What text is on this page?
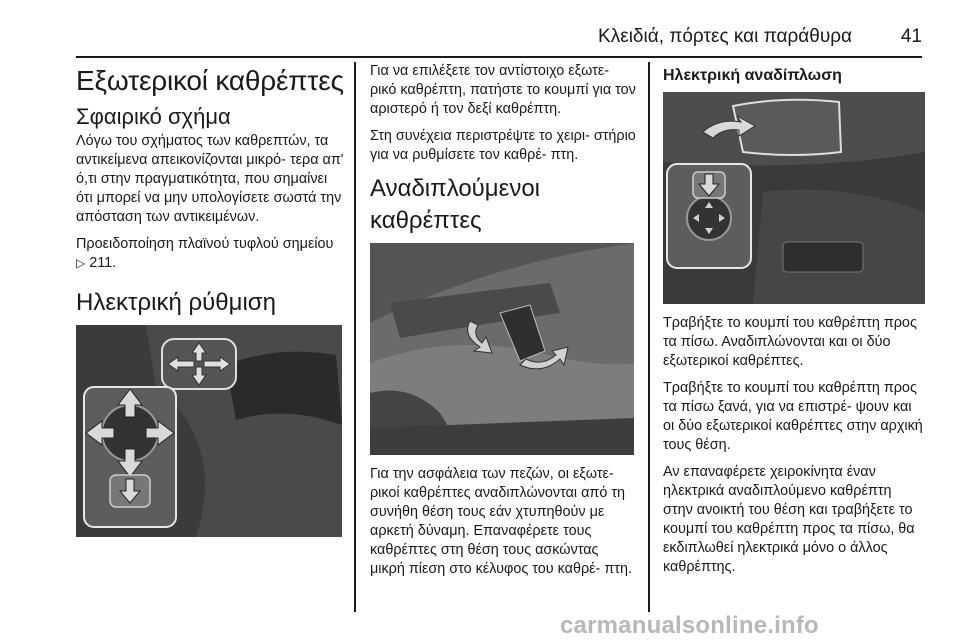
Κλειδιά, πόρτες και παράθυρα	41
Εξωτερικοί καθρέπτες
Σφαιρικό σχήμα

Λόγω του σχήματος των καθρεπτών, τα αντικείμενα απεικονίζονται μικρό‐ τερα απ' ό,τι στην πραγματικότητα, που σημαίνει ότι μπορεί να μην υπολογίσετε σωστά την απόσταση των αντικειμένων.

Προειδοποίηση πλαϊνού τυφλού σημείου ▷ 211.

Ηλεκτρική ρύθμιση

Για να επιλέξετε τον αντίστοιχο εξωτε‐ ρικό καθρέπτη, πατήστε το κουμπί για τον αριστερό ή τον δεξί καθρέπτη.

Στη συνέχεια περιστρέψτε το χειρι‐ στήριο για να ρυθμίσετε τον καθρέ‐ πτη.

Αναδιπλούμενοι καθρέπτες

Για την ασφάλεια των πεζών, οι εξωτε‐ ρικοί καθρέπτες αναδιπλώνονται από τη συνήθη θέση τους εάν χτυπηθούν με αρκετή δύναμη. Επαναφέρετε τους καθρέπτες στη θέση τους ασκώντας μικρή πίεση στο κέλυφος του καθρέ‐ πτη.

Ηλεκτρική αναδίπλωση

Τραβήξτε το κουμπί του καθρέπτη προς τα πίσω. Αναδιπλώνονται και οι δύο εξωτερικοί καθρέπτες.

Τραβήξτε το κουμπί του καθρέπτη προς τα πίσω ξανά, για να επιστρέ‐ ψουν και οι δύο εξωτερικοί καθρέπτες στην αρχική τους θέση.

Αν επαναφέρετε χειροκίνητα έναν ηλεκτρικά αναδιπλούμενο καθρέπτη στην ανοικτή του θέση και τραβήξετε το κουμπί του καθρέπτη προς τα πίσω, θα εκδιπλωθεί ηλεκτρικά μόνο ο άλλος καθρέπτης.

carmanualsonline.info
